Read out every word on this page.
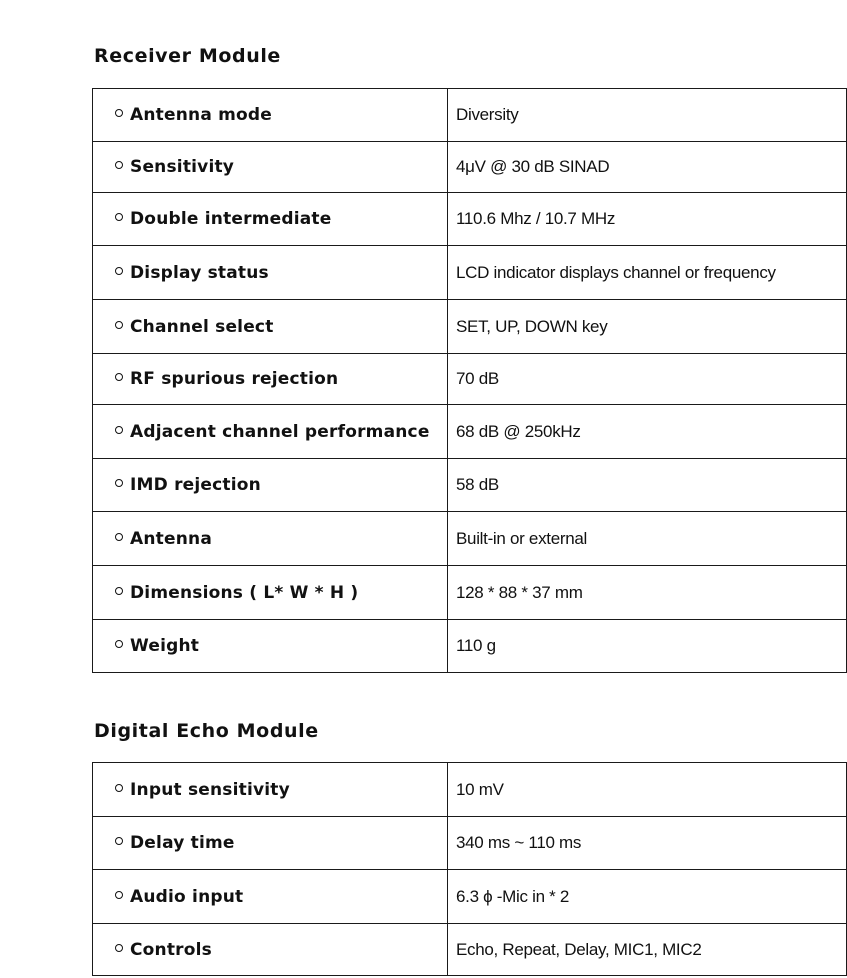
Receiver Module
Antenna mode	Diversity
Sensitivity	4μV @ 30 dB SINAD
Double intermediate	110.6 Mhz / 10.7 MHz
Display status	LCD indicator displays channel or frequency
Channel select	SET, UP, DOWN key
RF spurious rejection	70 dB
Adjacent channel performance	68 dB @ 250kHz
IMD rejection	58 dB
Antenna	Built-in or external
Dimensions ( L* W * H )	128 * 88 * 37 mm
Weight	110 g
Digital Echo Module
Input sensitivity	10 mV
Delay time	340 ms ~ 110 ms
Audio input	6.3 ϕ -Mic in * 2
Controls	Echo, Repeat, Delay, MIC1, MIC2
